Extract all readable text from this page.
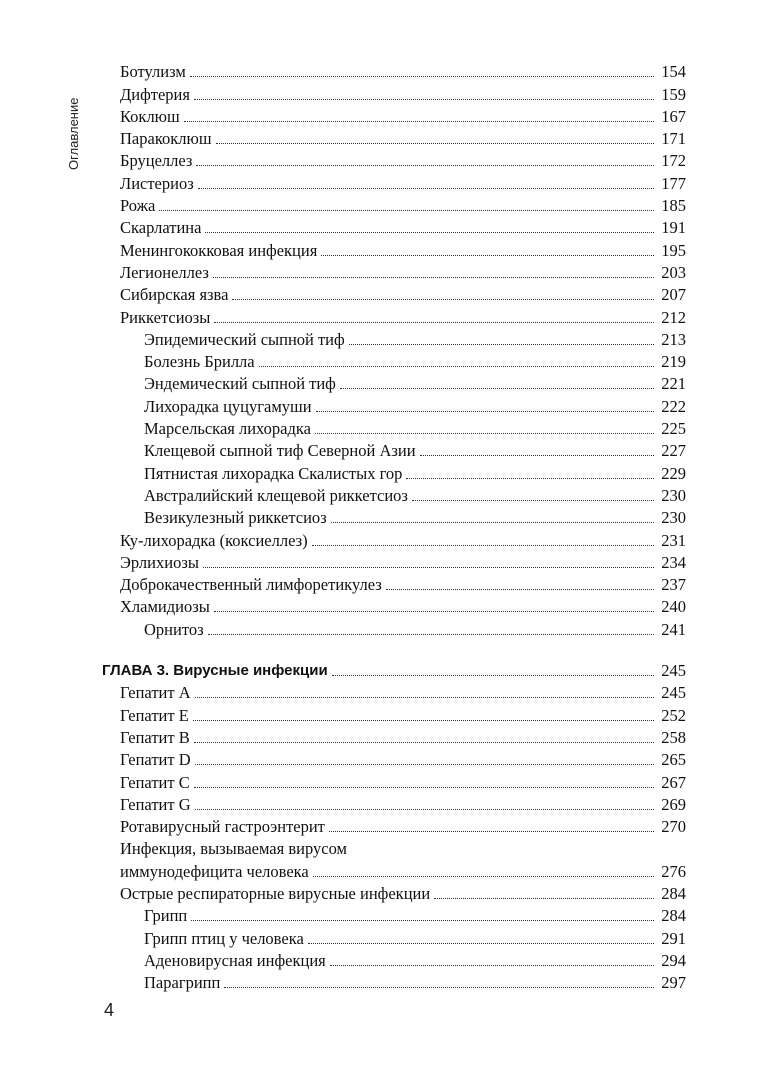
Оглавление
Ботулизм	154
Дифтерия	159
Коклюш	167
Паракоклюш	171
Бруцеллез	172
Листериоз	177
Рожа	185
Скарлатина	191
Менингококковая инфекция	195
Легионеллез	203
Сибирская язва	207
Риккетсиозы	212
Эпидемический сыпной тиф	213
Болезнь Брилла	219
Эндемический сыпной тиф	221
Лихорадка цуцугамуши	222
Марсельская лихорадка	225
Клещевой сыпной тиф Северной Азии	227
Пятнистая лихорадка Скалистых гор	229
Австралийский клещевой риккетсиоз	230
Везикулезный риккетсиоз	230
Ку-лихорадка (коксиеллез)	231
Эрлихиозы	234
Доброкачественный лимфоретикулез	237
Хламидиозы	240
Орнитоз	241
ГЛАВА 3. Вирусные инфекции	245
Гепатит A	245
Гепатит E	252
Гепатит B	258
Гепатит D	265
Гепатит C	267
Гепатит G	269
Ротавирусный гастроэнтерит	270
Инфекция, вызываемая вирусом
иммунодефицита человека	276
Острые респираторные вирусные инфекции	284
Грипп	284
Грипп птиц у человека	291
Аденовирусная инфекция	294
Парагрипп	297
4
